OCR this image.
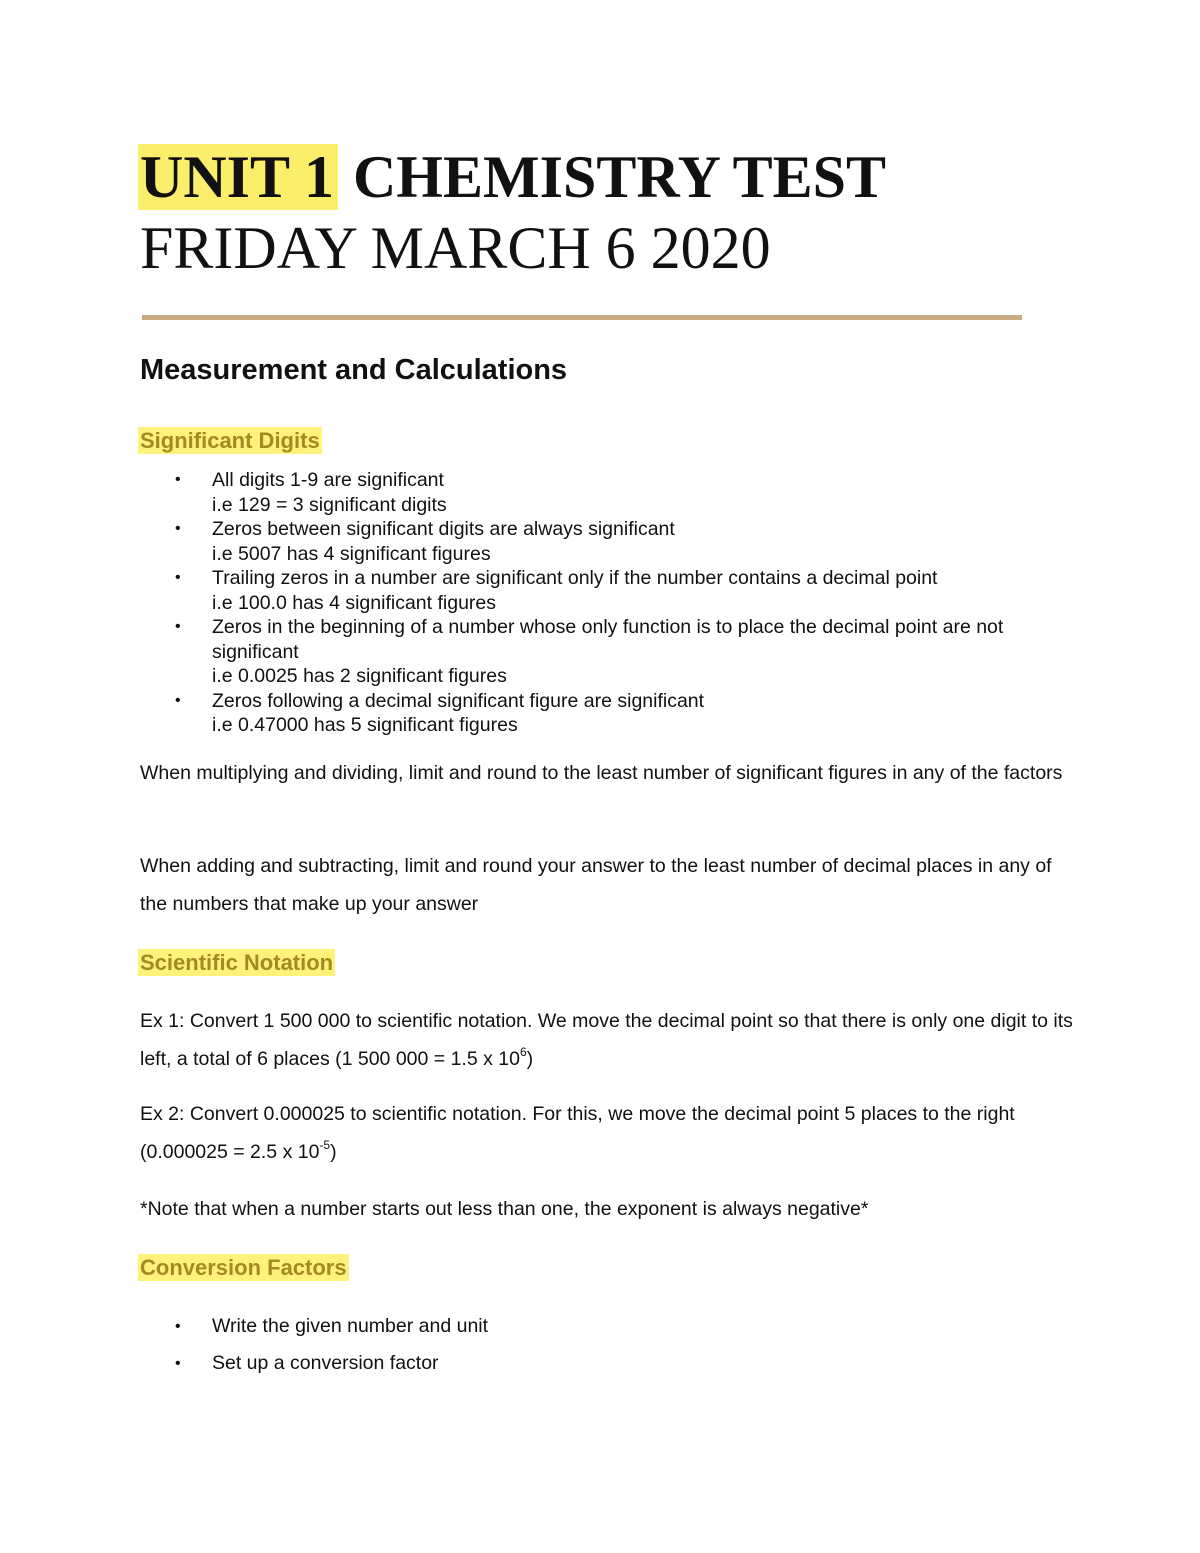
UNIT 1 CHEMISTRY TEST
FRIDAY MARCH 6 2020
Measurement and Calculations
Significant Digits
• All digits 1-9 are significant
i.e 129 = 3 significant digits
• Zeros between significant digits are always significant
i.e 5007 has 4 significant figures
• Trailing zeros in a number are significant only if the number contains a decimal point
i.e 100.0 has 4 significant figures
• Zeros in the beginning of a number whose only function is to place the decimal point are not significant
i.e 0.0025 has 2 significant figures
• Zeros following a decimal significant figure are significant
i.e 0.47000 has 5 significant figures

When multiplying and dividing, limit and round to the least number of significant figures in any of the factors

When adding and subtracting, limit and round your answer to the least number of decimal places in any of the numbers that make up your answer

Scientific Notation

Ex 1: Convert 1 500 000 to scientific notation. We move the decimal point so that there is only one digit to its left, a total of 6 places (1 500 000 = 1.5 x $10^6$)

Ex 2: Convert 0.000025 to scientific notation. For this, we move the decimal point 5 places to the right (0.000025 = 2.5 x $10^{-5}$)

*Note that when a number starts out less than one, the exponent is always negative*

Conversion Factors
• Write the given number and unit
• Set up a conversion factor
